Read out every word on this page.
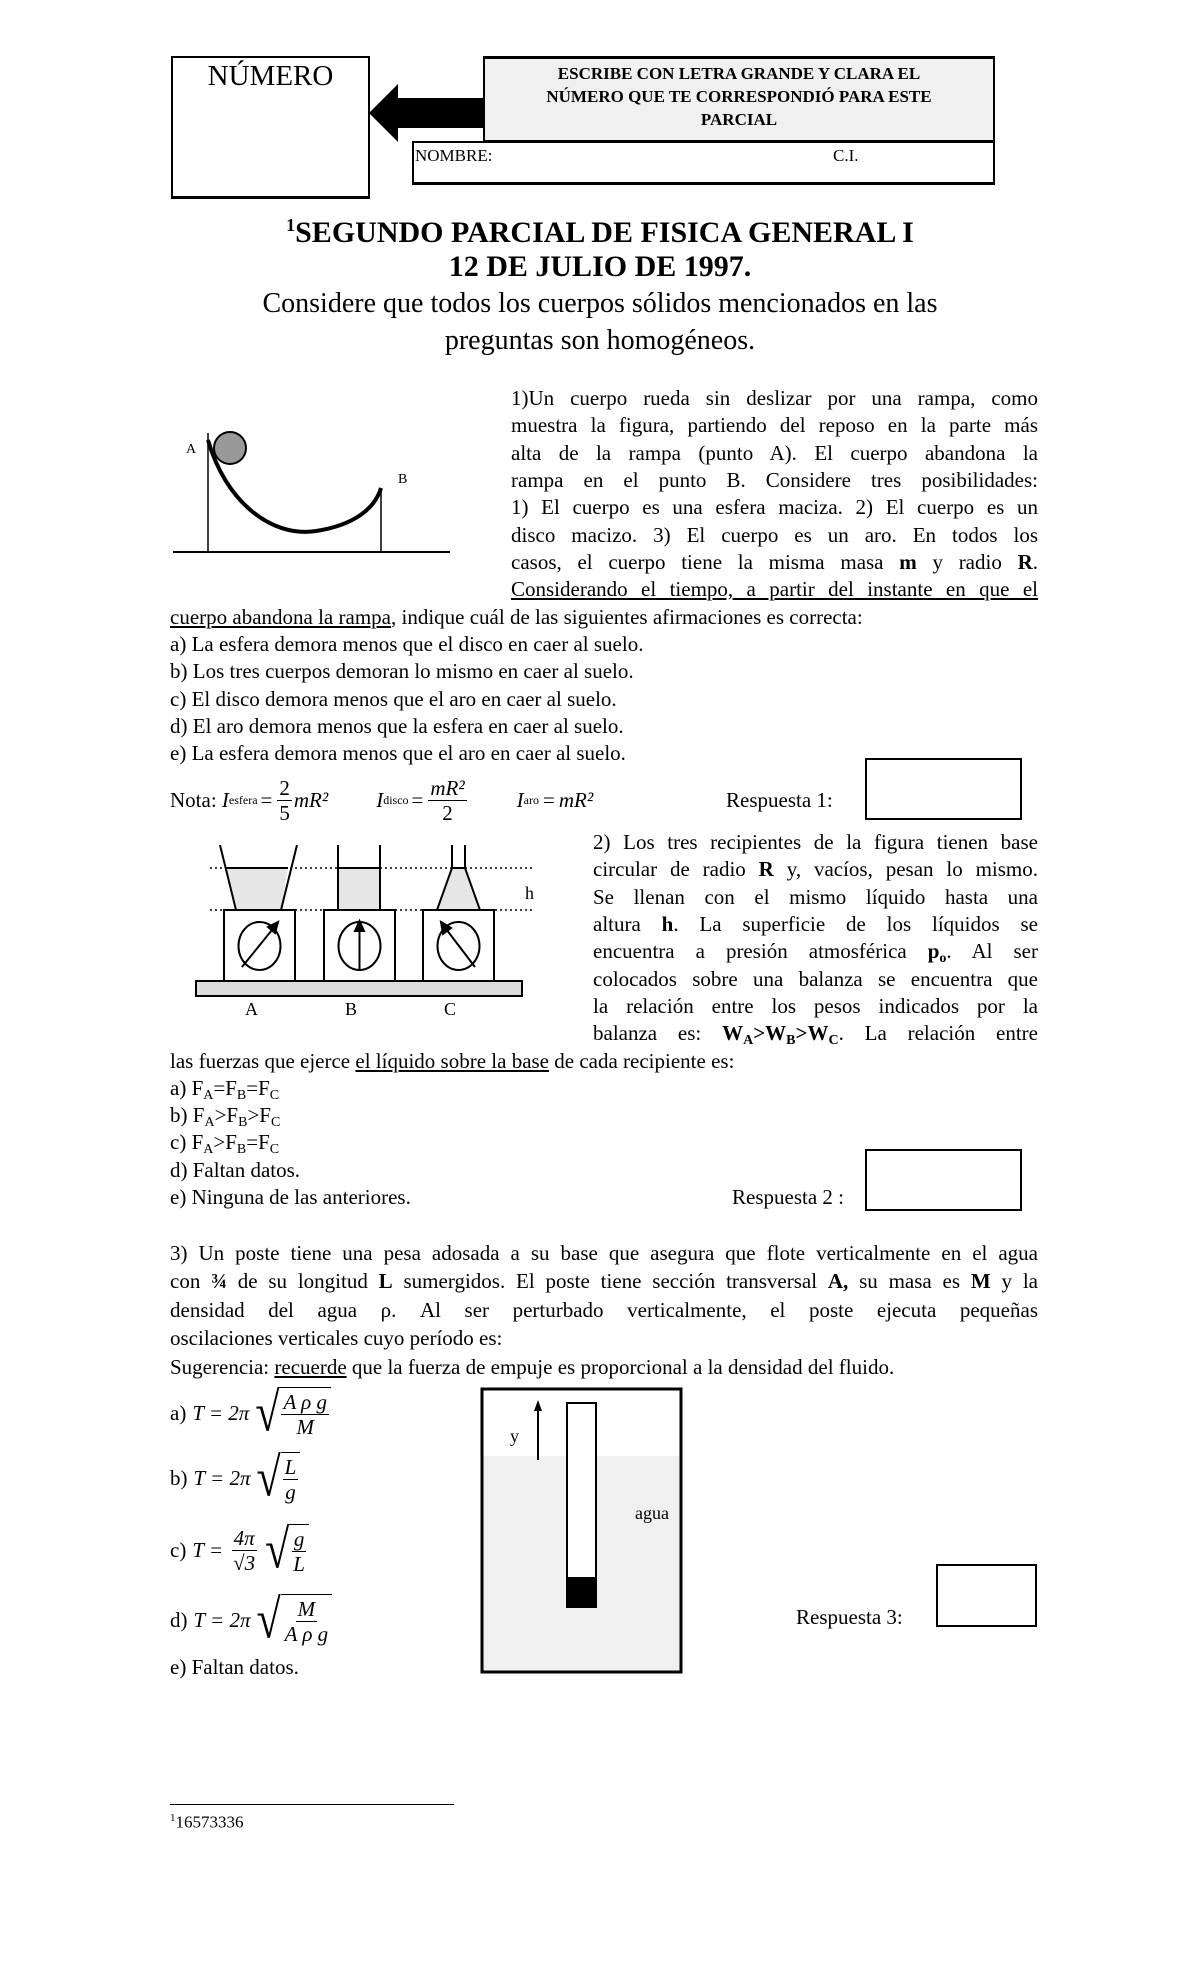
NÚMERO	ESCRIBE CON LETRA GRANDE Y CLARA EL
NÚMERO QUE TE CORRESPONDIÓ PARA ESTE
PARCIAL
NOMBRE:	C.I.
$^1$SEGUNDO PARCIAL DE FISICA GENERAL I
12 DE JULIO DE 1997.
Considere que todos los cuerpos sólidos mencionados en las
preguntas son homogéneos.
A
B
1)Un cuerpo rueda sin deslizar por una rampa, como
muestra la figura, partiendo del reposo en la parte más
alta de la rampa (punto A). El cuerpo abandona la
rampa en el punto B. Considere tres posibilidades:
1) El cuerpo es una esfera maciza. 2) El cuerpo es un
disco macizo. 3) El cuerpo es un aro. En todos los
casos, el cuerpo tiene la misma masa m y radio R.
Considerando el tiempo, a partir del instante en que el
cuerpo abandona la rampa, indique cuál de las siguientes afirmaciones es correcta:
a) La esfera demora menos que el disco en caer al suelo.
b) Los tres cuerpos demoran lo mismo en caer al suelo.
c) El disco demora menos que el aro en caer al suelo.
d) El aro demora menos que la esfera en caer al suelo.
e) La esfera demora menos que el aro en caer al suelo.
Nota:
I esfera = $\frac{2}{5} mR^2$ I disco = $\frac{\text{mR²}}{2}$ I aro = mR²	Respuesta 1:
A	B	C
h
2) Los tres recipientes de la figura tienen base
circular de radio R y, vacíos, pesan lo mismo.
Se llenan con el mismo líquido hasta una
altura h. La superficie de los líquidos se
encuentra a presión atmosférica $p_o$. Al ser
colocados sobre una balanza se encuentra que
la relación entre los pesos indicados por la
balanza es: $W_A>W_B>W_C$. La relación entre
las fuerzas que ejerce el líquido sobre la base de cada recipiente es:
a) $F_A=F_B=F_C$
b) $F_A>F_B>F_C$
c) $F_A>F_B=F_C$
d) Faltan datos.
e) Ninguna de las anteriores.	Respuesta 2 :
3) Un poste tiene una pesa adosada a su base que asegura que flote verticalmente en el agua
con ¾ de su longitud L sumergidos. El poste tiene sección transversal A, su masa es M y la
densidad del agua ρ. Al ser perturbado verticalmente, el poste ejecuta pequeñas
oscilaciones verticales cuyo período es:
Sugerencia: recuerde que la fuerza de empuje es proporcional a la densidad del fluido.
a) T = 2π √ $\frac{\text{A ρ g}}{M}$
b) T = 2π √ $\frac{L}{g}$
c) $T = \frac{4\pi}{√3}$ √ $\frac{g}{L}$
d) T = 2π √ $\frac{M}{\text{A ρ g}}$
e) Faltan datos.
y
agua
Respuesta 3:
$^1$16573336
